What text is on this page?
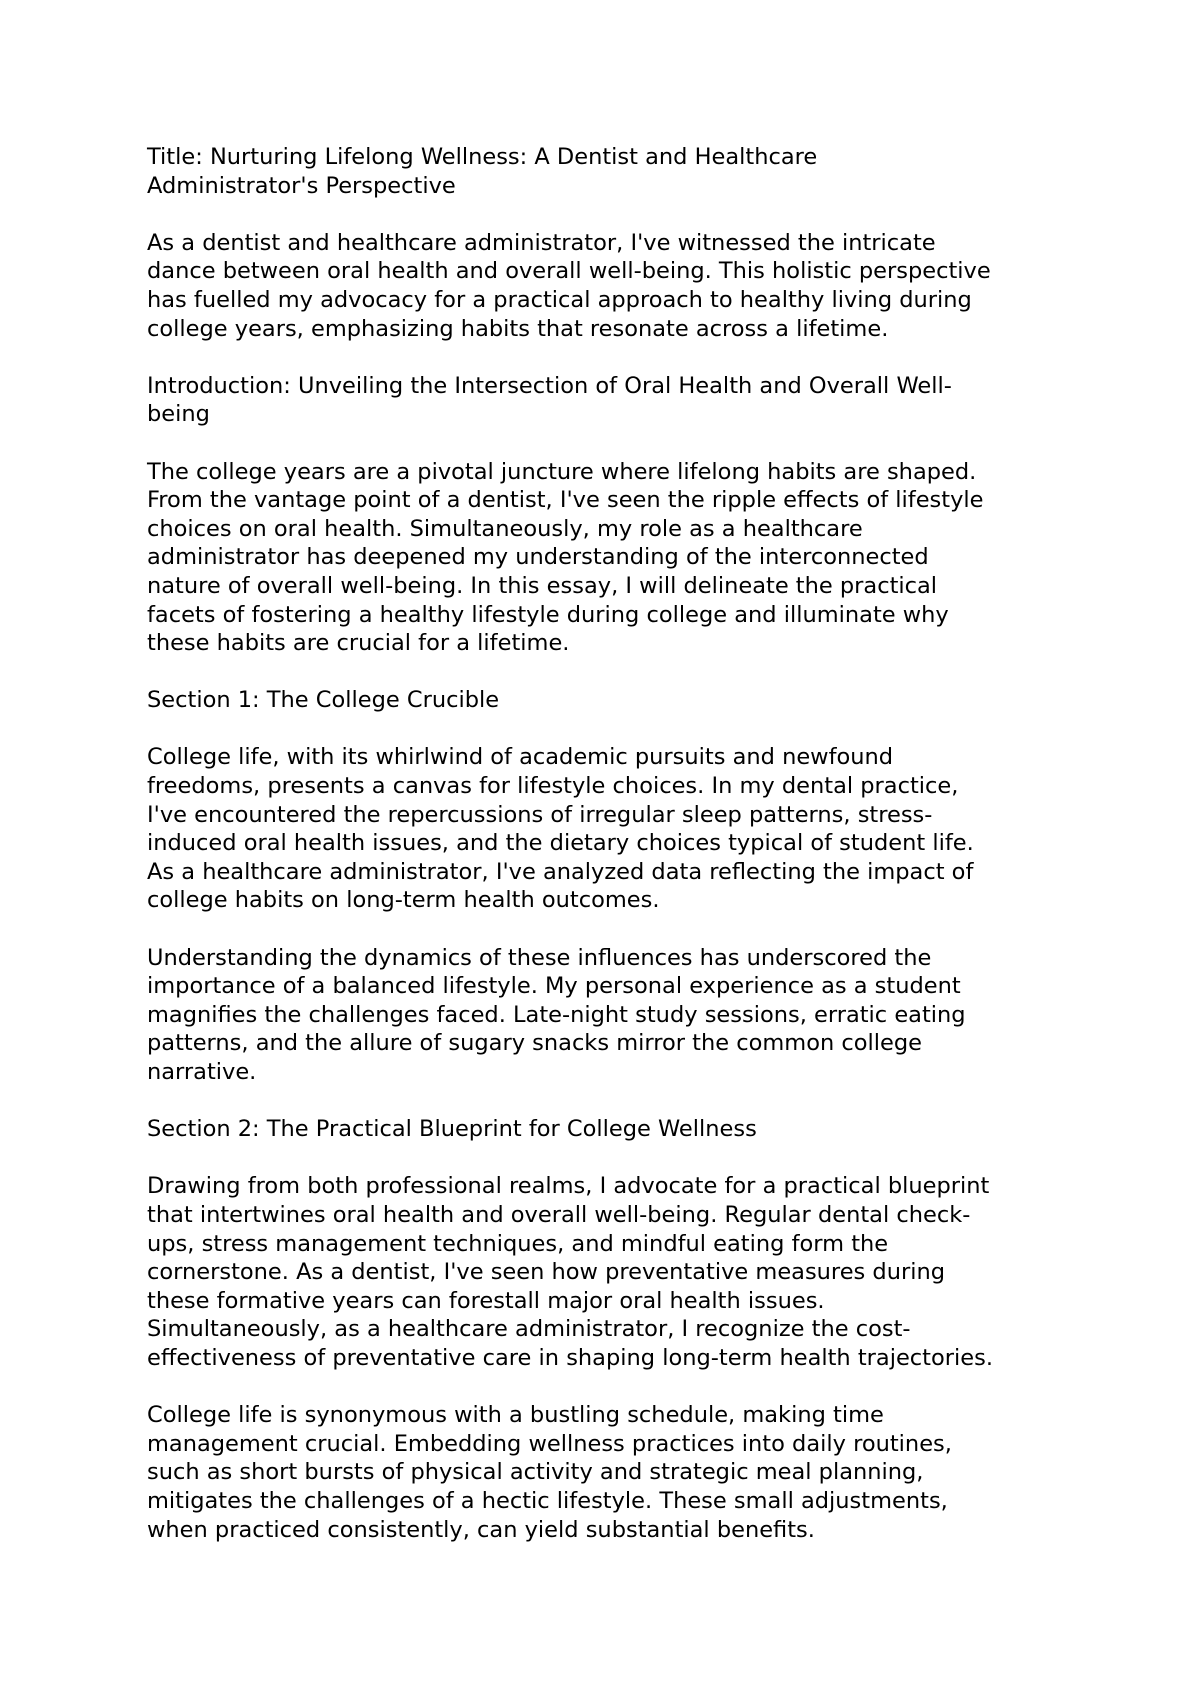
Title: Nurturing Lifelong Wellness: A Dentist and Healthcare
Administrator's Perspective

As a dentist and healthcare administrator, I've witnessed the intricate
dance between oral health and overall well-being. This holistic perspective
has fuelled my advocacy for a practical approach to healthy living during
college years, emphasizing habits that resonate across a lifetime.

Introduction: Unveiling the Intersection of Oral Health and Overall Well-
being

The college years are a pivotal juncture where lifelong habits are shaped.
From the vantage point of a dentist, I've seen the ripple effects of lifestyle
choices on oral health. Simultaneously, my role as a healthcare
administrator has deepened my understanding of the interconnected
nature of overall well-being. In this essay, I will delineate the practical
facets of fostering a healthy lifestyle during college and illuminate why
these habits are crucial for a lifetime.

Section 1: The College Crucible

College life, with its whirlwind of academic pursuits and newfound
freedoms, presents a canvas for lifestyle choices. In my dental practice,
I've encountered the repercussions of irregular sleep patterns, stress-
induced oral health issues, and the dietary choices typical of student life.
As a healthcare administrator, I've analyzed data reflecting the impact of
college habits on long-term health outcomes.

Understanding the dynamics of these influences has underscored the
importance of a balanced lifestyle. My personal experience as a student
magnifies the challenges faced. Late-night study sessions, erratic eating
patterns, and the allure of sugary snacks mirror the common college
narrative.

Section 2: The Practical Blueprint for College Wellness

Drawing from both professional realms, I advocate for a practical blueprint
that intertwines oral health and overall well-being. Regular dental check-
ups, stress management techniques, and mindful eating form the
cornerstone. As a dentist, I've seen how preventative measures during
these formative years can forestall major oral health issues.
Simultaneously, as a healthcare administrator, I recognize the cost-
effectiveness of preventative care in shaping long-term health trajectories.

College life is synonymous with a bustling schedule, making time
management crucial. Embedding wellness practices into daily routines,
such as short bursts of physical activity and strategic meal planning,
mitigates the challenges of a hectic lifestyle. These small adjustments,
when practiced consistently, can yield substantial benefits.
